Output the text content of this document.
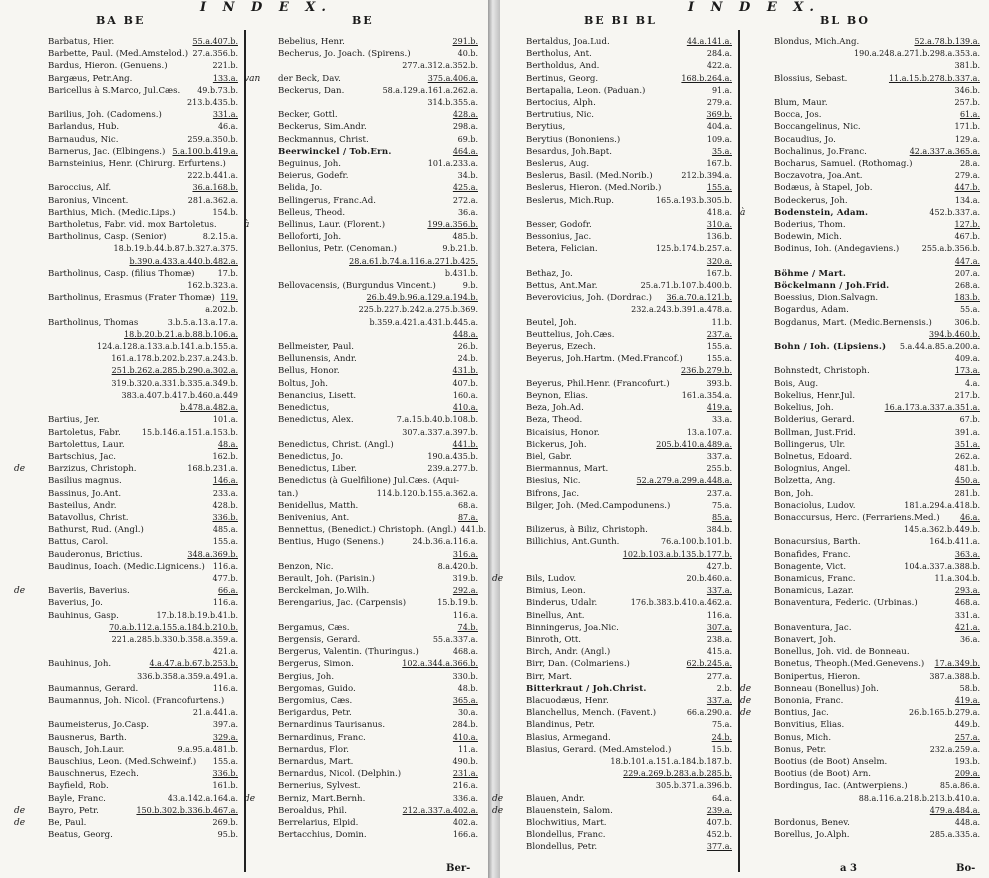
I N D E X.
BA BE	BE
Barbatus, Hier.	55.a.407.b.
Barbette, Paul. (Med.Amstelod.) 27.a.356.b.
Bardus, Hieron. (Genuens.)	221.b.
Bargæus, Petr.Ang.	133.a.
Baricellus à S.Marco, Jul.Cæs.	49.b.73.b.
213.b.435.b.
Barilius, Joh. (Cadomens.)	331.a.
Barlandus, Hub.	46.a.
Barnaudus, Nic.	259.a.350.b.
Barnerus, Jac. (Elbingens.) 5.a.100.b.419.a.
Barnsteinius, Henr. (Chirurg. Erfurtens.)
222.b.441.a.
Baroccius, Alf.	36.a.168.b.
Baronius, Vincent.	281.a.362.a.
Barthius, Mich. (Medic.Lips.)	154.b.
Bartholetus, Fabr. vid. mox Bartoletus.
Bartholinus, Casp. (Senior)	8.2.15.a.
18.b.19.b.44.b.87.b.327.a.375.
b.390.a.433.a.440.b.482.a.
Bartholinus, Casp. (filius Thomæ)	17.b.
162.b.323.a.
Bartholinus, Erasmus (Frater Thomæ) 119.
a.202.b.
Bartholinus, Thomas	3.b.5.a.13.a.17.a.
18.b.20.b.21.a.b.88.b.106.a.
124.a.128.a.133.a.b.141.a.b.155.a.
161.a.178.b.202.b.237.a.243.b.
251.b.262.a.285.b.290.a.302.a.
319.b.320.a.331.b.335.a.349.b.
383.a.407.b.417.b.460.a.449
b.478.a.482.a.
Bartius, Jer.	101.a.
Bartoletus, Fabr.	15.b.146.a.151.a.153.b.
Bartolettus, Laur.	48.a.
Bartschius, Jac.	162.b.
de	Barzizus, Christoph.	168.b.231.a.
Basilius magnus.	146.a.
Bassinus, Jo.Ant.	233.a.
Basteilus, Andr.	428.b.
Batavollus, Christ.	336.b.
Bathurst, Rud. (Angl.)	485.a.
Battus, Carol.	155.a.
Bauderonus, Brictius.	348.a.369.b.
Baudinus, Ioach. (Medic.Lignicens.)	116.a.
477.b.
de	Baveriis, Baverius.	66.a.
Baverius, Jo.	116.a.
Bauhinus, Gasp.	17.b.18.b.19.b.41.b.
70.a.b.112.a.155.a.184.b.210.b.
221.a.285.b.330.b.358.a.359.a.
421.a.
Bauhinus, Joh.	4.a.47.a.b.67.b.253.b.
336.b.358.a.359.a.491.a.
Baumannus, Gerard.	116.a.
Baumannus, Joh. Nicol. (Francofurtens.)
21.a.441.a.
Baumeisterus, Jo.Casp.	397.a.
Bausnerus, Barth.	329.a.
Bausch, Joh.Laur.	9.a.95.a.481.b.
Bauschius, Leon. (Med.Schweinf.)	155.a.
Bauschnerus, Ezech.	336.b.
Bayfield, Rob.	161.b.
Bayle, Franc.	43.a.142.a.164.a.
de	Bayro, Petr.	150.b.302.b.336.b.467.a.
de	Be, Paul.	269.b.
Beatus, Georg.	95.b.
Bebelius, Henr.	291.b.
Becherus, Jo. Joach. (Spirens.)	40.b.
277.a.312.a.352.b.
van	der Beck, Dav.	375.a.406.a.
Beckerus, Dan.	58.a.129.a.161.a.262.a.
314.b.355.a.
Becker, Gottl.	428.a.
Beckerus, Sim.Andr.	298.a.
Beckmannus, Christ.	69.b.
Beerwinckel / Tob.Ern.	464.a.
Beguinus, Joh.	101.a.233.a.
Beierus, Godefr.	34.b.
Belida, Jo.	425.a.
Bellingerus, Franc.Ad.	272.a.
Belleus, Theod.	36.a.
à	Bellinus, Laur. (Florent.)	199.a.356.b.
Belloforti, Joh.	485.b.
Bellonius, Petr. (Cenoman.)	9.b.21.b.
28.a.61.b.74.a.116.a.271.b.425.
b.431.b.
Bellovacensis, (Burgundus Vincent.)	9.b.
26.b.49.b.96.a.129.a.194.b.
225.b.227.b.242.a.275.b.369.
b.359.a.421.a.431.b.445.a.
448.a.
Bellmeister, Paul.	26.b.
Bellunensis, Andr.	24.b.
Bellus, Honor.	431.b.
Boltus, Joh.	407.b.
Benancius, Lisett.	160.a.
Benedictus,	410.a.
Benedictus, Alex.	7.a.15.b.40.b.108.b.
307.a.337.a.397.b.
Benedictus, Christ. (Angl.)	441.b.
Benedictus, Jo.	190.a.435.b.
Benedictus, Liber.	239.a.277.b.
Benedictus (à Guelfilione) Jul.Cæs. (Aqui-
tan.)	114.b.120.b.155.a.362.a.
Benidellus, Matth.	68.a.
Benivenius, Ant.	87.a.
Bennettus, (Benedict.) Christoph. (Angl.) 441.b.
Bentius, Hugo (Senens.)	24.b.36.a.116.a.
316.a.
Benzon, Nic.	8.a.420.b.
Berault, Joh. (Parisin.)	319.b.
Berckelman, Jo.Wilh.	292.a.
Berengarius, Jac. (Carpensis)	15.b.19.b.
116.a.
Bergamus, Cæs.	74.b.
Bergensis, Gerard.	55.a.337.a.
Bergerus, Valentin. (Thuringus.)	468.a.
Bergerus, Simon.	102.a.344.a.366.b.
Bergius, Joh.	330.b.
Bergomas, Guido.	48.b.
Bergomius, Cæs.	365.a.
Berigardus, Petr.	30.a.
Bernardinus Taurisanus.	284.b.
Bernardinus, Franc.	410.a.
Bernardus, Flor.	11.a.
Bernardus, Mart.	490.b.
Bernardus, Nicol. (Delphin.)	231.a.
Bernerius, Sylvest.	216.a.
de	Berniz, Mart.Bernh.	336.a.
Beroaldus, Phil.	212.a.337.a.402.a.
Berrelarius, Elpid.	402.a.
Bertacchius, Domin.	166.a.
Ber-
I N D E X.
BE BI BL	BL BO
Bertaldus, Joa.Lud.	44.a.141.a.
Bertholus, Ant.	284.a.
Bertholdus, And.	422.a.
Bertinus, Georg.	168.b.264.a.
Bertapalia, Leon. (Paduan.)	91.a.
Bertocius, Alph.	279.a.
Bertrutius, Nic.	369.b.
Berytius,	404.a.
Berytius (Bononiens.)	109.a.
Besardus, Joh.Bapt.	35.a.
Beslerus, Aug.	167.b.
Beslerus, Basil. (Med.Norib.)	212.b.394.a.
Beslerus, Hieron. (Med.Norib.)	155.a.
Beslerus, Mich.Rup.	165.a.193.b.305.b.
418.a.
Besser, Godofr.	310.a.
Bessonius, Jac.	136.b.
Betera, Felician.	125.b.174.b.257.a.
320.a.
Bethaz, Jo.	167.b.
Bettus, Ant.Mar.	25.a.71.b.107.b.400.b.
Beverovicius, Joh. (Dordrac.)	36.a.70.a.121.b.
232.a.243.b.391.a.478.a.
Beutel, Joh.	11.b.
Beuttelius, Joh.Cæs.	237.a.
Beyerus, Ezech.	155.a.
Beyerus, Joh.Hartm. (Med.Francof.)	155.a.
236.b.279.b.
Beyerus, Phil.Henr. (Francofurt.)	393.b.
Beynon, Elias.	161.a.354.a.
Beza, Joh.Ad.	419.a.
Beza, Theod.	33.a.
Bicaisius, Honor.	13.a.107.a.
Bickerus, Joh.	205.b.410.a.489.a.
Biel, Gabr.	337.a.
Biermannus, Mart.	255.b.
Biesius, Nic.	52.a.279.a.299.a.448.a.
Bifrons, Jac.	237.a.
Bilger, Joh. (Med.Campodunens.)	75.a.
85.a.
Bilizerus, à Biliz, Christoph.	384.b.
Billichius, Ant.Gunth.	76.a.100.b.101.b.
102.b.103.a.b.135.b.177.b.
427.b.
de	Bils, Ludov.	20.b.460.a.
Bimius, Leon.	337.a.
Binderus, Udalr.	176.b.383.b.410.a.462.a.
Binellus, Ant.	116.a.
Binningerus, Joa.Nic.	307.a.
Binroth, Ott.	238.a.
Birch, Andr. (Angl.)	415.a.
Birr, Dan. (Colmariens.)	62.b.245.a.
Birr, Mart.	277.a.
Bitterkraut / Joh.Christ.	2.b.
Blacuodæus, Henr.	337.a.
Blanchellus, Mench. (Favent.)	66.a.290.a.
Blandinus, Petr.	75.a.
Blasius, Armegand.	24.b.
Blasius, Gerard. (Med.Amstelod.)	15.b.
18.b.101.a.151.a.184.b.187.b.
229.a.269.b.283.a.b.285.b.
305.b.371.a.396.b.
de	Blauen, Andr.	64.a.
de	Blauenstein, Salom.	239.a.
Blochwitius, Mart.	407.b.
Blondellus, Franc.	452.b.
Blondellus, Petr.	377.a.
Blondus, Mich.Ang.	52.a.78.b.139.a.
190.a.248.a.271.b.298.a.353.a.
381.b.
Blossius, Sebast.	11.a.15.b.278.b.337.a.
346.b.
Blum, Maur.	257.b.
Bocca, Jos.	61.a.
Boccangelinus, Nic.	171.b.
Bocaudius, Jo.	129.a.
Bochalinus, Jo.Franc.	42.a.337.a.365.a.
Bocharus, Samuel. (Rothomag.)	28.a.
Boczavotra, Joa.Ant.	279.a.
Bodæus, à Stapel, Job.	447.b.
Bodeckerus, Joh.	134.a.
à	Bodenstein, Adam.	452.b.337.a.
Boderius, Thom.	127.b.
Bodewin, Mich.	467.b.
Bodinus, Ioh. (Andegaviens.)	255.a.b.356.b.
447.a.
Böhme / Mart.	207.a.
Böckelmann / Joh.Frid.	268.a.
Boessius, Dion.Salvagn.	183.b.
Bogardus, Adam.	55.a.
Bogdanus, Mart. (Medic.Bernensis.)	306.b.
394.b.460.b.
Bohn / Ioh. (Lipsiens.)	5.a.44.a.85.a.200.a.
409.a.
Bohnstedt, Christoph.	173.a.
Bois, Aug.	4.a.
Bokelius, Henr.Jul.	217.b.
Bokelius, Joh.	16.a.173.a.337.a.351.a.
Bolderius, Gerard.	67.b.
Bollman, Just.Frid.	391.a.
Bollingerus, Ulr.	351.a.
Bolnetus, Edoard.	262.a.
Bolognius, Angel.	481.b.
Bolzetta, Ang.	450.a.
Bon, Joh.	281.b.
Bonaciolus, Ludov.	181.a.294.a.418.b.
Bonaccursus, Herc. (Ferrariens.Med.)	46.a.
145.a.362.b.449.b.
Bonacursius, Barth.	164.b.411.a.
Bonafides, Franc.	363.a.
Bonagente, Vict.	104.a.337.a.388.b.
Bonamicus, Franc.	11.a.304.b.
Bonamicus, Lazar.	293.a.
Bonaventura, Federic. (Urbinas.)	468.a.
331.a.
Bonaventura, Jac.	421.a.
Bonavert, Joh.	36.a.
Bonellus, Joh. vid. de Bonneau.
Bonetus, Theoph.(Med.Genevens.)	17.a.349.b.
Bonipertus, Hieron.	387.a.388.b.
de	Bonneau (Bonellus) Joh.	58.b.
de	Bononia, Franc.	419.a.
de	Bontius, Jac.	26.b.165.b.279.a.
Bonvitius, Elias.	449.b.
Bonus, Mich.	257.a.
Bonus, Petr.	232.a.259.a.
Bootius (de Boot) Anselm.	193.b.
Bootius (de Boot) Arn.	209.a.
Bordingus, Iac. (Antwerpiens.)	85.a.86.a.
88.a.116.a.218.b.213.b.410.a.
479.a.484.a.
Bordonus, Benev.	448.a.
Borellus, Jo.Alph.	285.a.335.a.
a 3	Bo-
